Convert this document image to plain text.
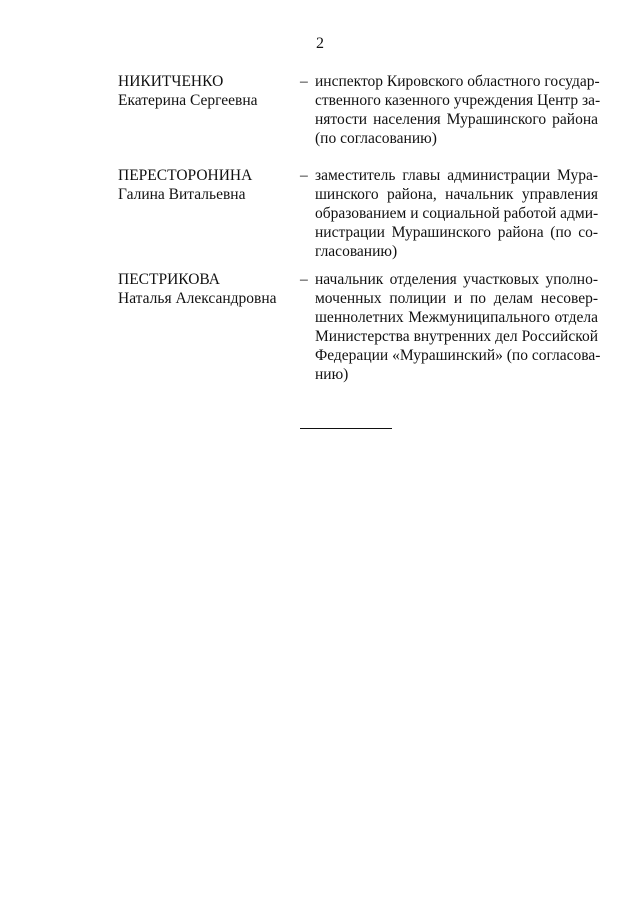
2
НИКИТЧЕНКО
Екатерина Сергеевна
– инспектор Кировского областного государ-
ственного казенного учреждения Центр за-
нятости населения Мурашинского района
(по согласованию)
ПЕРЕСТОРОНИНА
Галина Витальевна
– заместитель главы администрации Мура-
шинского района, начальник управления
образованием и социальной работой адми-
нистрации Мурашинского района (по со-
гласованию)
ПЕСТРИКОВА
Наталья Александровна
– начальник отделения участковых уполно-
моченных полиции и по делам несовер-
шеннолетних Межмуниципального отдела
Министерства внутренних дел Российской
Федерации «Мурашинский» (по согласова-
нию)
